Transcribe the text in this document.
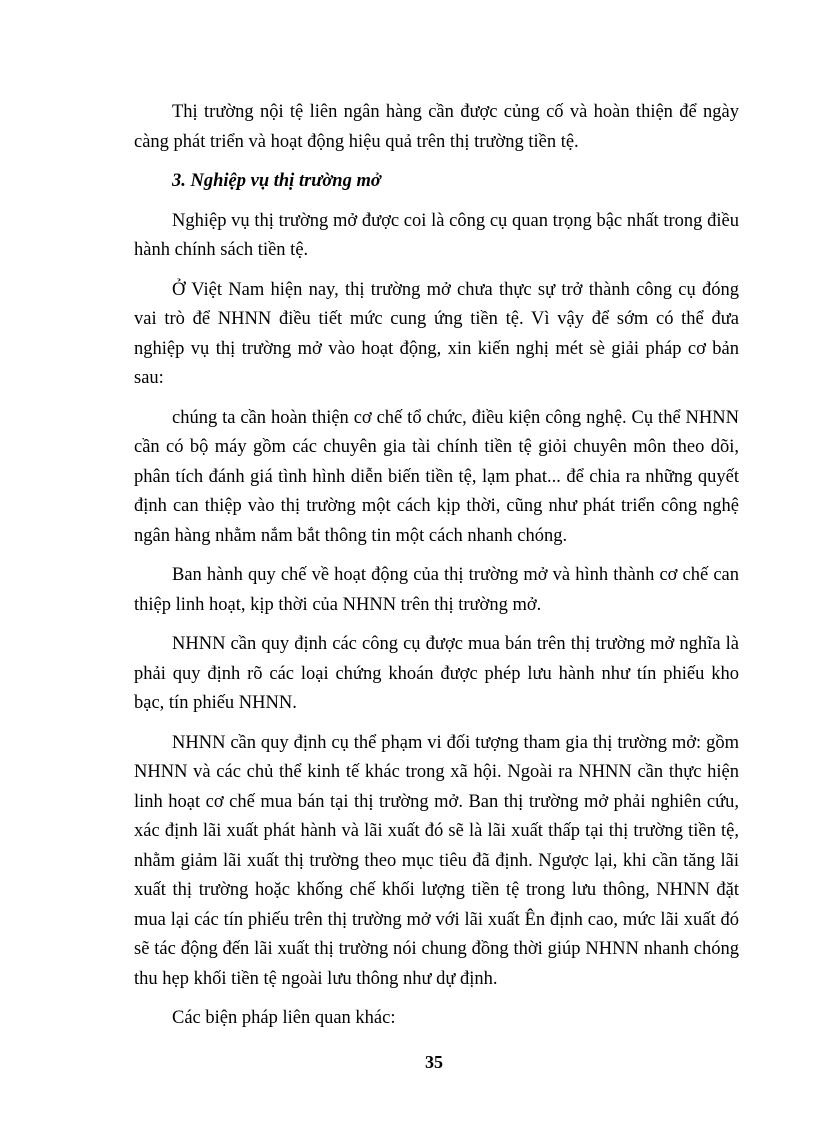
Thị trường nội tệ liên ngân hàng cần được củng cố và hoàn thiện để ngày càng phát triển và hoạt động hiệu quả trên thị trường tiền tệ.

3. Nghiệp vụ thị trường mở

Nghiệp vụ thị trường mở được coi là công cụ quan trọng bậc nhất trong điều hành chính sách tiền tệ.

Ở Việt Nam hiện nay, thị trường mở chưa thực sự trở thành công cụ đóng vai trò để NHNN điều tiết mức cung ứng tiền tệ. Vì vậy để sớm có thể đưa nghiệp vụ thị trường mở vào hoạt động, xin kiến nghị mét sè giải pháp cơ bản sau:

chúng ta cần hoàn thiện cơ chế tổ chức, điều kiện công nghệ. Cụ thể NHNN cần có bộ máy gồm các chuyên gia tài chính tiền tệ giỏi chuyên môn theo dõi, phân tích đánh giá tình hình diễn biến tiền tệ, lạm phat... để chia ra những quyết định can thiệp vào thị trường một cách kịp thời, cũng như phát triển công nghệ ngân hàng nhằm nắm bắt thông tin một cách nhanh chóng.

Ban hành quy chế về hoạt động của thị trường mở và hình thành cơ chế can thiệp linh hoạt, kịp thời của NHNN trên thị trường mở.

NHNN cần quy định các công cụ được mua bán trên thị trường mở nghĩa là phải quy định rõ các loại chứng khoán được phép lưu hành như tín phiếu kho bạc, tín phiếu NHNN.

NHNN cần quy định cụ thể phạm vi đối tượng tham gia thị trường mở: gồm NHNN và các chủ thể kinh tế khác trong xã hội. Ngoài ra NHNN cần thực hiện linh hoạt cơ chế mua bán tại thị trường mở. Ban thị trường mở phải nghiên cứu, xác định lãi xuất phát hành và lãi xuất đó sẽ là lãi xuất thấp tại thị trường tiền tệ, nhằm giảm lãi xuất thị trường theo mục tiêu đã định. Ngược lại, khi cần tăng lãi xuất thị trường hoặc khống chế khối lượng tiền tệ trong lưu thông, NHNN đặt mua lại các tín phiếu trên thị trường mở với lãi xuất Ên định cao, mức lãi xuất đó sẽ tác động đến lãi xuất thị trường nói chung đồng thời giúp NHNN nhanh chóng thu hẹp khối tiền tệ ngoài lưu thông như dự định.

Các biện pháp liên quan khác:

35
